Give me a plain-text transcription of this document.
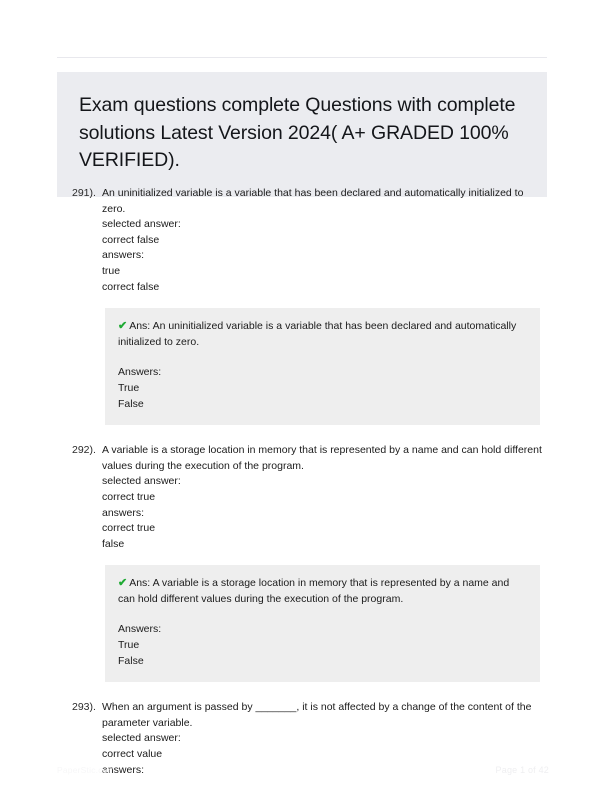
Exam questions complete Questions with complete solutions Latest Version 2024( A+ GRADED 100% VERIFIED).
291). An uninitialized variable is a variable that has been declared and automatically initialized to zero.

selected answer:

correct false

answers:

true

correct false

✔ Ans: An uninitialized variable is a variable that has been declared and automatically initialized to zero.

Answers:

True

False

292). A variable is a storage location in memory that is represented by a name and can hold different values during the execution of the program.

selected answer:

correct true

answers:

correct true

false

✔ Ans: A variable is a storage location in memory that is represented by a name and can hold different values during the execution of the program.

Answers:

True

False

293). When an argument is passed by _______, it is not affected by a change of the content of the parameter variable.

selected answer:

correct value

answers:

PaperStic.com	Page 1 of 42
